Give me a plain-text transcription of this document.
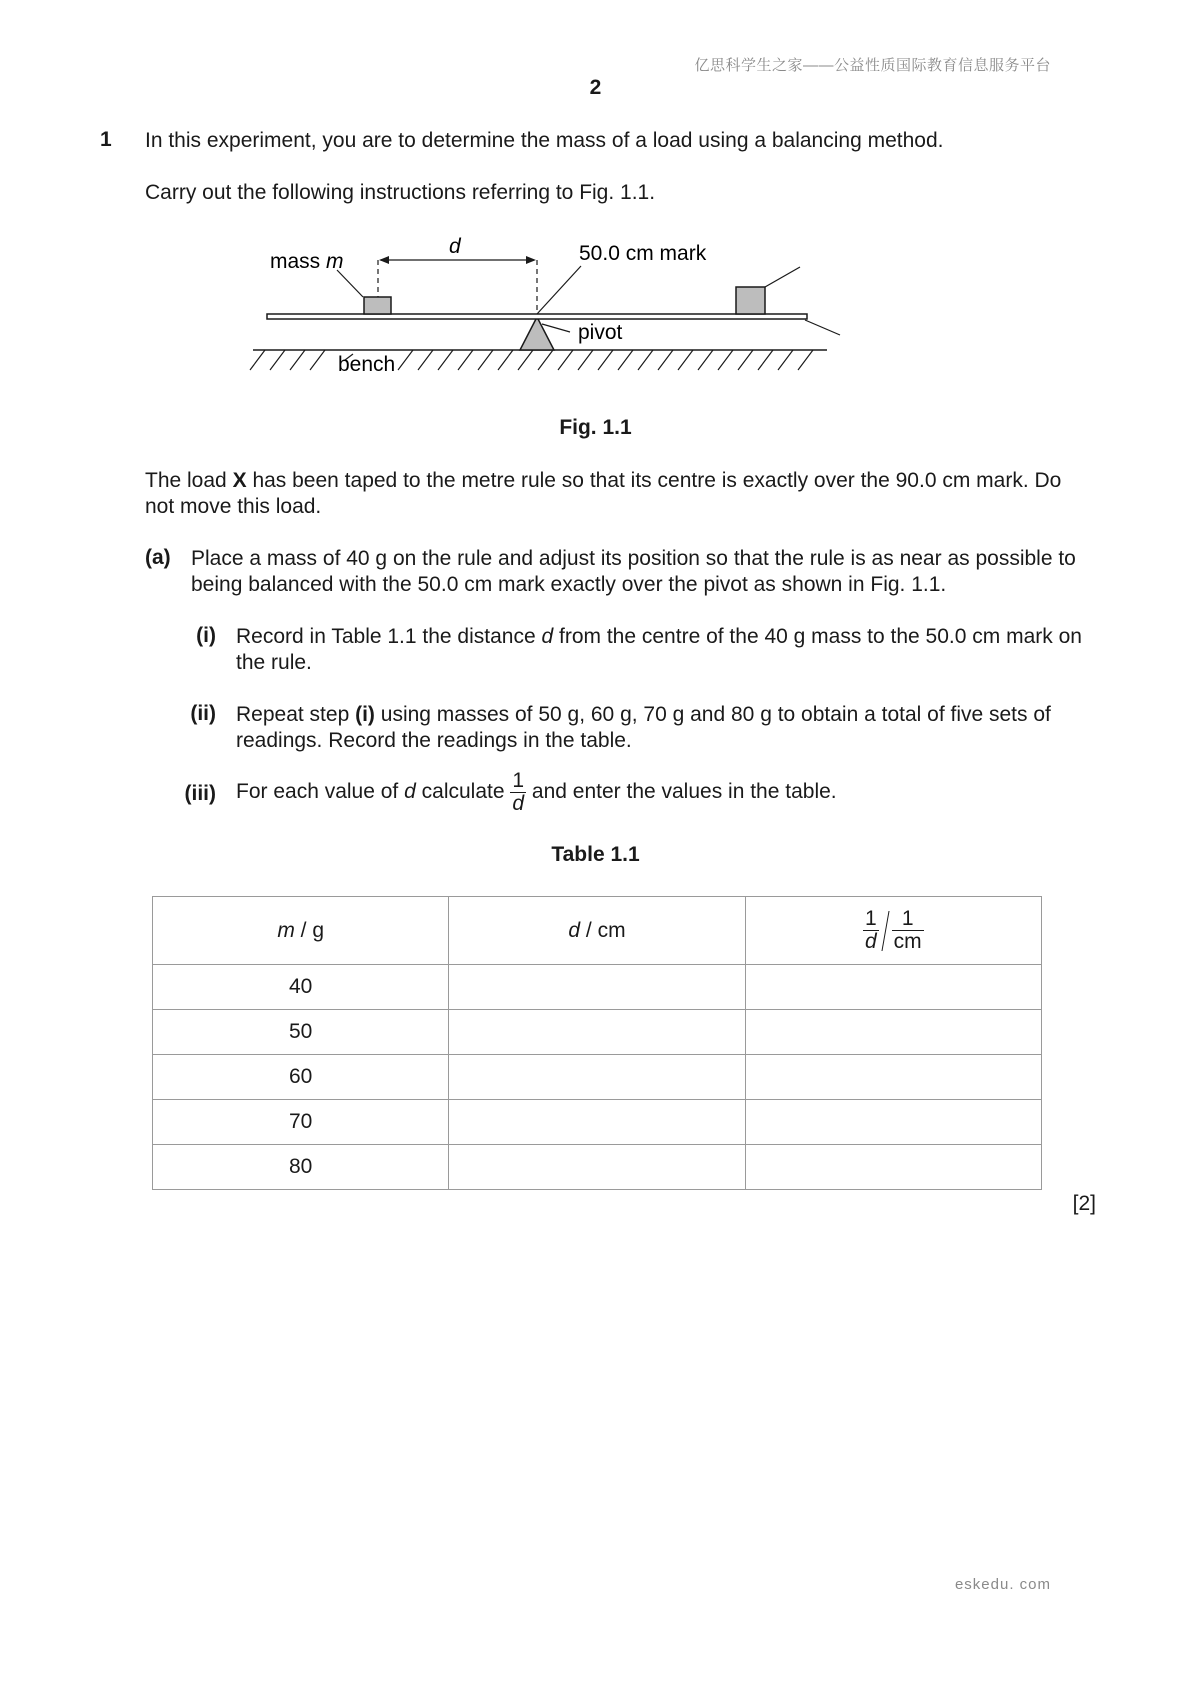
亿思科学生之家——公益性质国际教育信息服务平台
2
1 In this experiment, you are to determine the mass of a load using a balancing method.
Carry out the following instructions referring to Fig. 1.1.
mass m
d	50.0 cm mark
pivot
bench
Fig. 1.1
The load X has been taped to the metre rule so that its centre is exactly over the 90.0 cm mark. Do not move this load.
(a) Place a mass of 40 g on the rule and adjust its position so that the rule is as near as possible to being balanced with the 50.0 cm mark exactly over the pivot as shown in Fig. 1.1.
(i) Record in Table 1.1 the distance d from the centre of the 40 g mass to the 50.0 cm mark on the rule.
(ii) Repeat step (i) using masses of 50 g, 60 g, 70 g and 80 g to obtain a total of five sets of readings. Record the readings in the table.
(iii) For each value of d calculate $\frac{1}{d}$ and enter the values in the table.
Table 1.1
m / g	d / cm	$\frac{1}{d} \frac{1}{cm}$

40		
50		
60		
70		
80		
[2]
eskedu. com
